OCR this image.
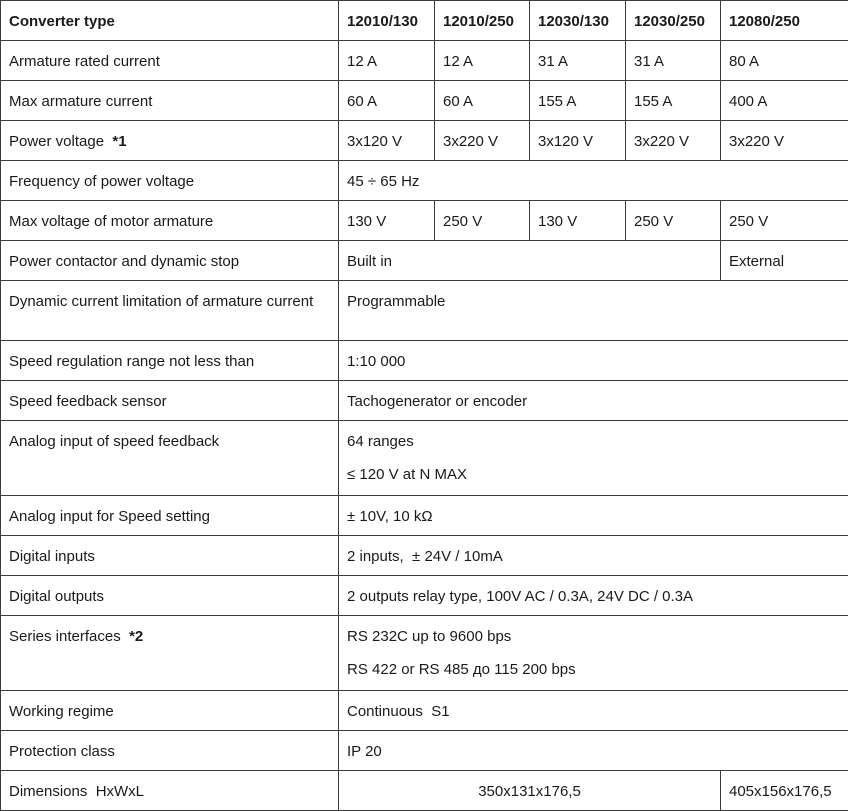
Converter type	12010/130	12010/250	12030/130	12030/250	12080/250
Armature rated current	12 A	12 A	31 A	31 A	80 A
Max armature current	60 A	60 A	155 A	155 A	400 A
Power voltage *1	3x120 V	3x220 V	3x120 V	3x220 V	3x220 V
Frequency of power voltage	45 ÷ 65 Hz				
Max voltage of motor armature	130 V	250 V	130 V	250 V	250 V
Power contactor and dynamic stop	Built in				External
Dynamic current limitation of armature current	Programmable				
Speed regulation range not less than	1:10 000				
Speed feedback sensor	Tachogenerator or encoder				
Analog input of speed feedback	64 ranges
≤ 120 V at N MAX				

Analog input for Speed setting	± 10V, 10 kΩ				
Digital inputs	2 inputs,  ± 24V / 10mA				
Digital outputs	2 outputs relay type, 100V AC / 0.3A, 24V DC / 0.3A				
Series interfaces *2	RS 232C up to 9600 bps
RS 422 or RS 485 до 115 200 bps				

Working regime	Continuous  S1				
Protection class	IP 20				
Dimensions  HxWxL	350x131x176,5				405x156x176,5
